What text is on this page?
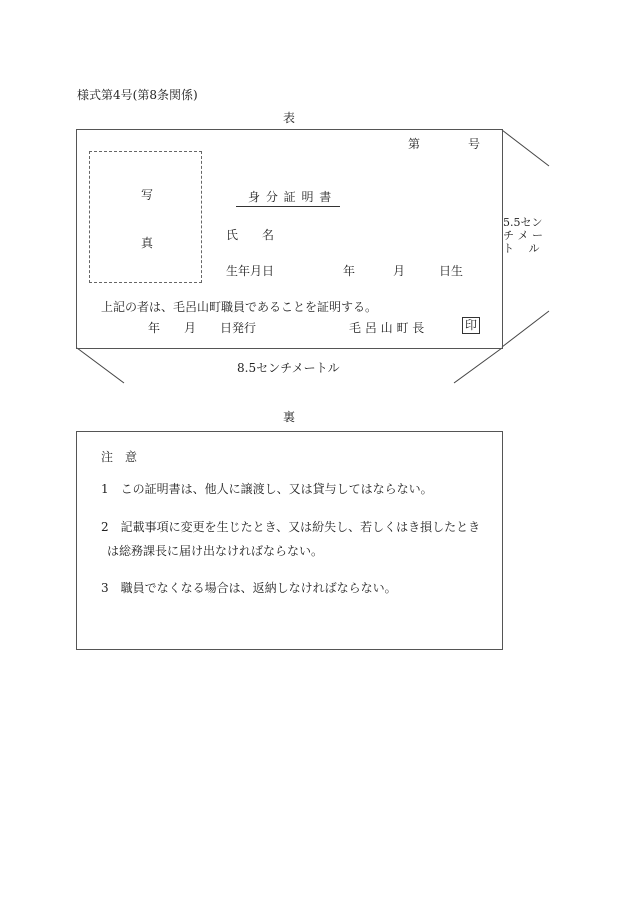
様式第4号(第8条関係)
表
第	号
写
真
身 分 証 明 書
氏　　名
生年月日	年	月	日生
上記の者は、毛呂山町職員であることを証明する。
年 月 日発行	毛 呂 山 町 長	印
5.5セン
チ メ ー
ト　 ル
8.5センチメートル
裏
注　意
1　この証明書は、他人に譲渡し、又は貸与してはならない。
2　記載事項に変更を生じたとき、又は紛失し、若しくはき損したとき
は総務課長に届け出なければならない。
3　職員でなくなる場合は、返納しなければならない。
